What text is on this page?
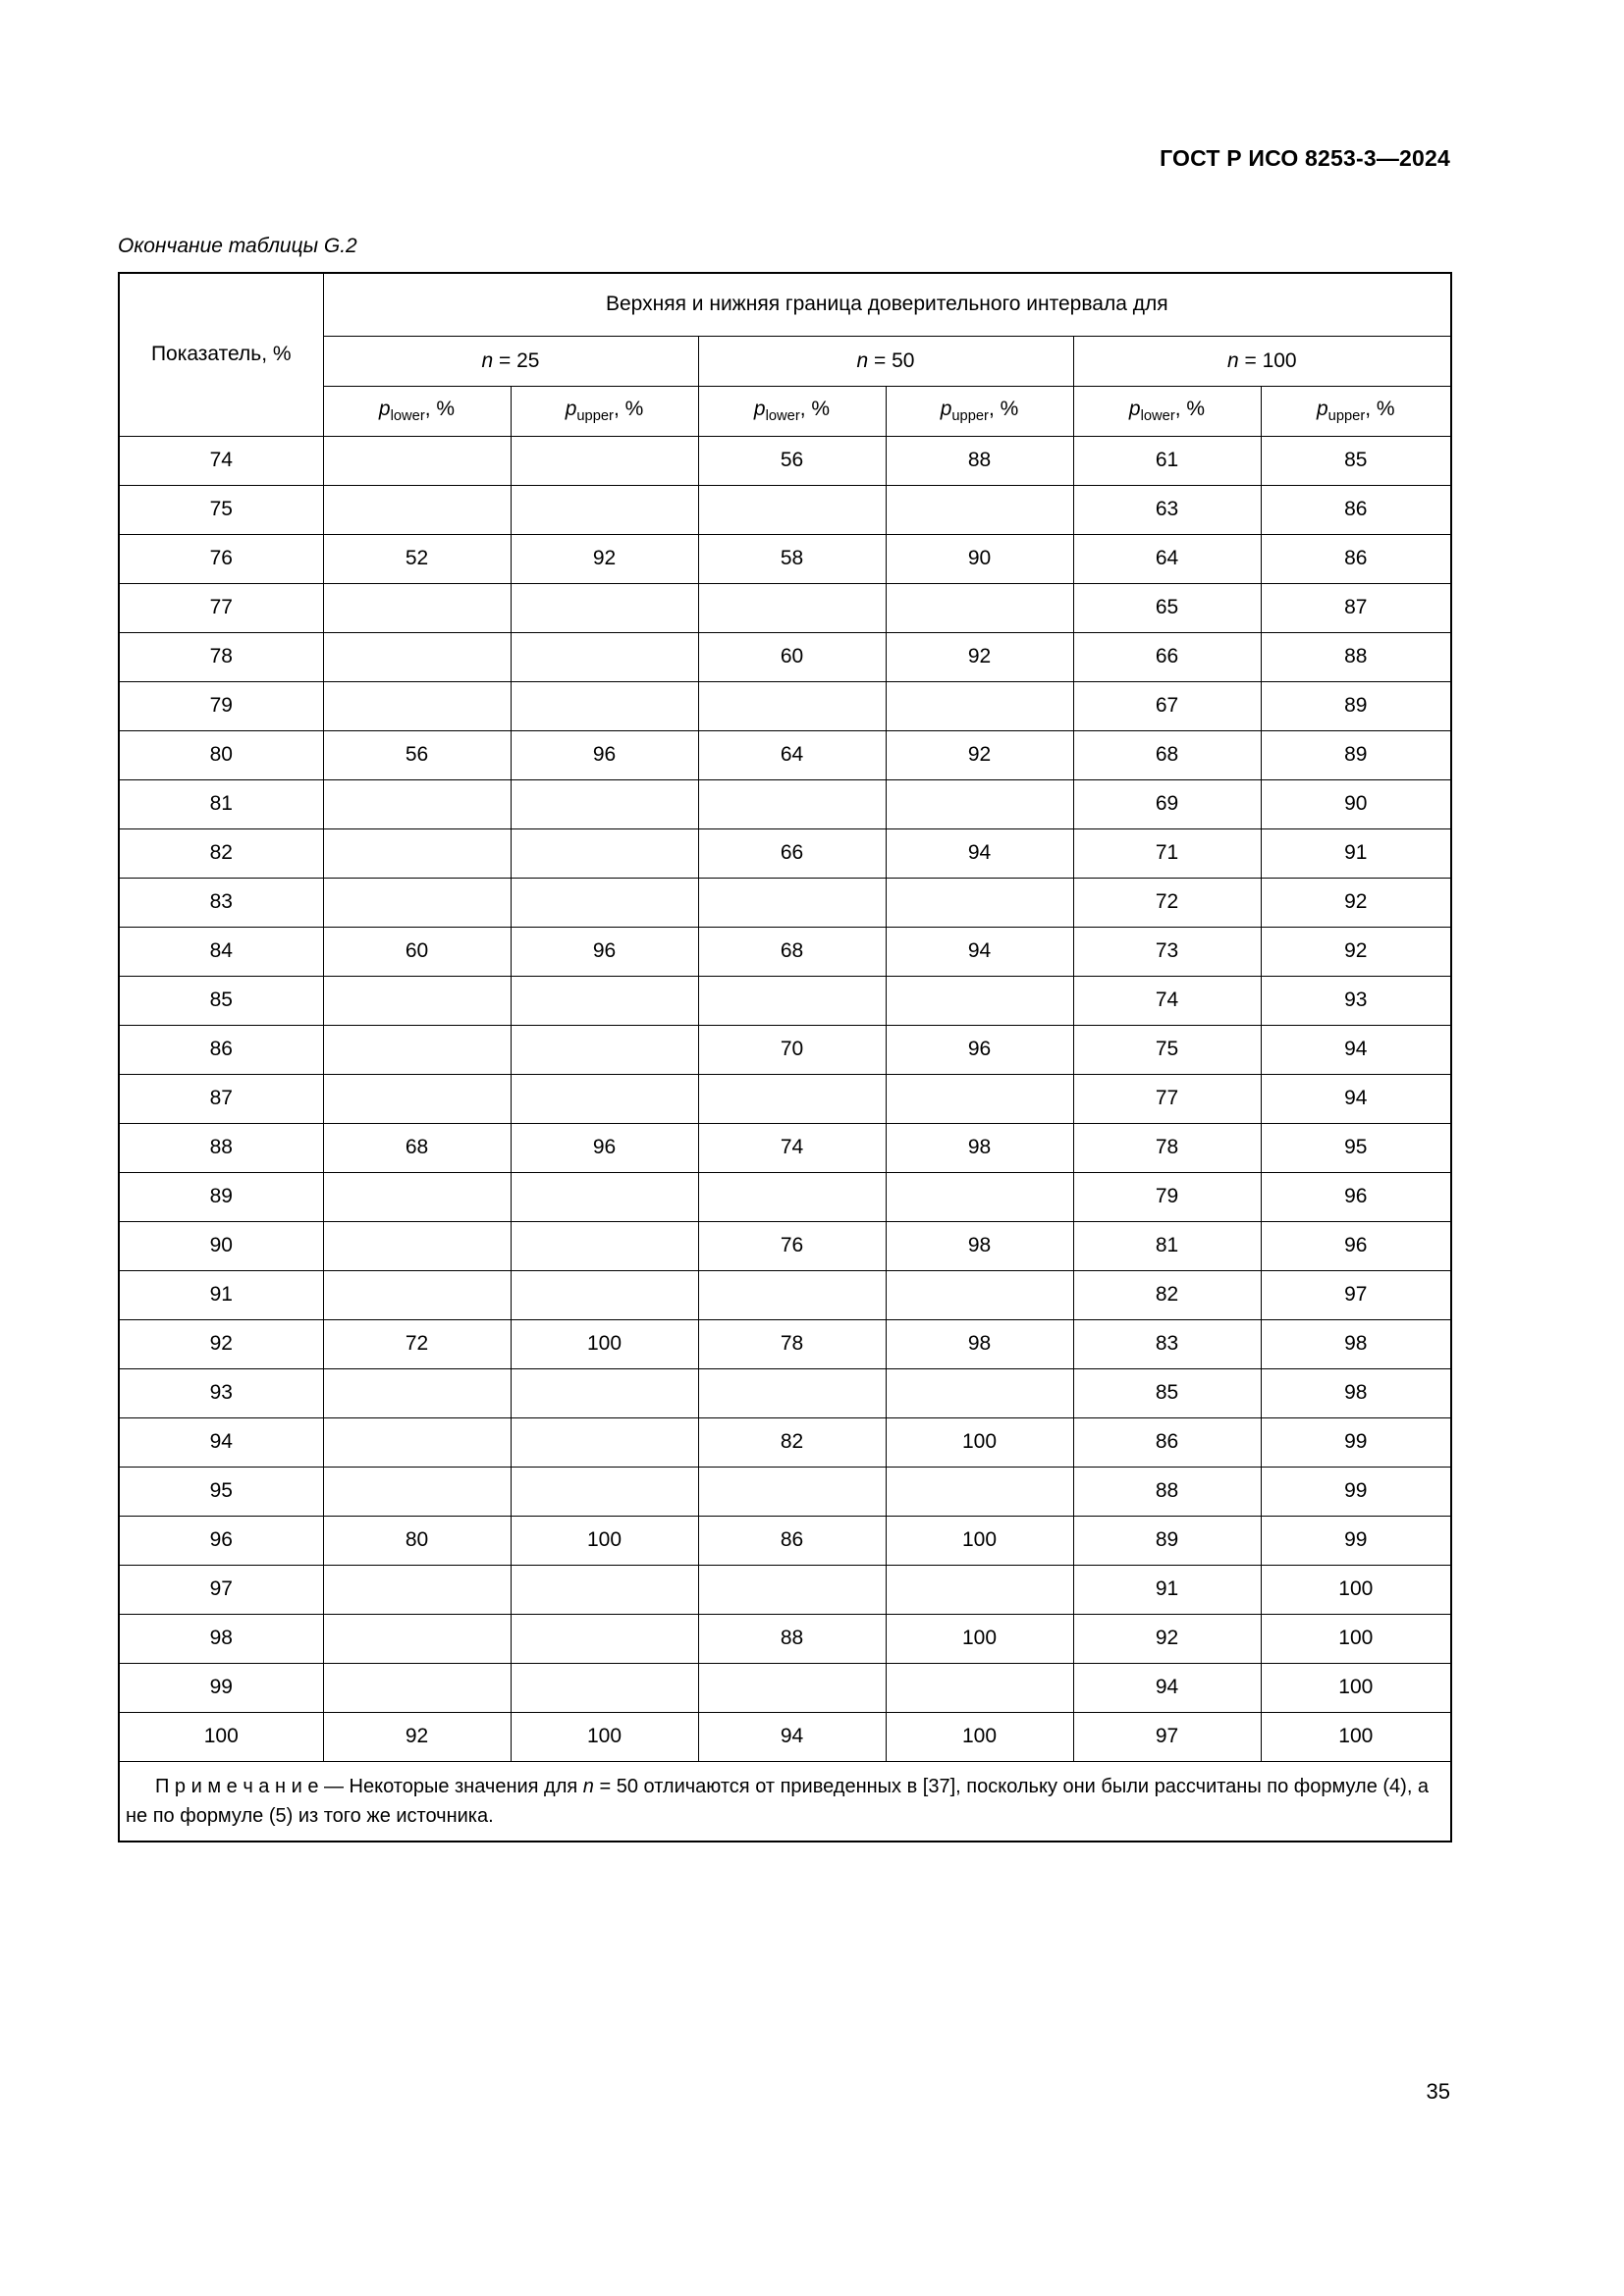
ГОСТ Р ИСО 8253-3—2024
Окончание таблицы G.2
Показатель, %	Верхняя и нижняя граница доверительного интервала для					
	n = 25		n = 50		n = 100	
	$p_{lower}$, %	$p_{upper}$, %	$p_{lower}$, %	$p_{upper}$, %	$p_{lower}$, %	$p_{upper}$, %
74			56	88	61	85
75					63	86
76	52	92	58	90	64	86
77					65	87
78			60	92	66	88
79					67	89
80	56	96	64	92	68	89
81					69	90
82			66	94	71	91
83					72	92
84	60	96	68	94	73	92
85					74	93
86			70	96	75	94
87					77	94
88	68	96	74	98	78	95
89					79	96
90			76	98	81	96
91					82	97
92	72	100	78	98	83	98
93					85	98
94			82	100	86	99
95					88	99
96	80	100	86	100	89	99
97					91	100
98			88	100	92	100
99					94	100
100	92	100	94	100	97	100

П р и м е ч а н и е — Некоторые значения для n = 50 отличаются от приведенных в [37], поскольку они были рассчитаны по формуле (4), а не по формуле (5) из того же источника.						

35
